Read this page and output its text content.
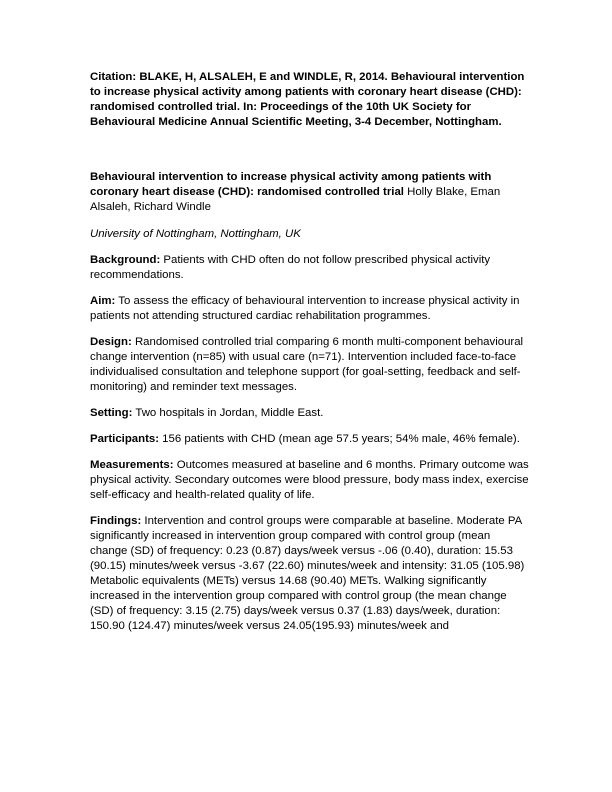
Citation: BLAKE, H, ALSALEH, E and WINDLE, R, 2014. Behavioural intervention to increase physical activity among patients with coronary heart disease (CHD): randomised controlled trial. In: Proceedings of the 10th UK Society for Behavioural Medicine Annual Scientific Meeting, 3-4 December, Nottingham.

Behavioural intervention to increase physical activity among patients with coronary heart disease (CHD): randomised controlled trial Holly Blake, Eman Alsaleh, Richard Windle

University of Nottingham, Nottingham, UK

Background: Patients with CHD often do not follow prescribed physical activity recommendations.

Aim: To assess the efficacy of behavioural intervention to increase physical activity in patients not attending structured cardiac rehabilitation programmes.

Design: Randomised controlled trial comparing 6 month multi-component behavioural change intervention (n=85) with usual care (n=71). Intervention included face-to-face individualised consultation and telephone support (for goal-setting, feedback and self-monitoring) and reminder text messages.

Setting: Two hospitals in Jordan, Middle East.

Participants: 156 patients with CHD (mean age 57.5 years; 54% male, 46% female).

Measurements: Outcomes measured at baseline and 6 months. Primary outcome was physical activity. Secondary outcomes were blood pressure, body mass index, exercise self-efficacy and health-related quality of life.

Findings: Intervention and control groups were comparable at baseline. Moderate PA significantly increased in intervention group compared with control group (mean change (SD) of frequency: 0.23 (0.87) days/week versus -.06 (0.40), duration: 15.53 (90.15) minutes/week versus -3.67 (22.60) minutes/week and intensity: 31.05 (105.98) Metabolic equivalents (METs) versus 14.68 (90.40) METs. Walking significantly increased in the intervention group compared with control group (the mean change (SD) of frequency: 3.15 (2.75) days/week versus 0.37 (1.83) days/week, duration: 150.90 (124.47) minutes/week versus 24.05(195.93) minutes/week and
